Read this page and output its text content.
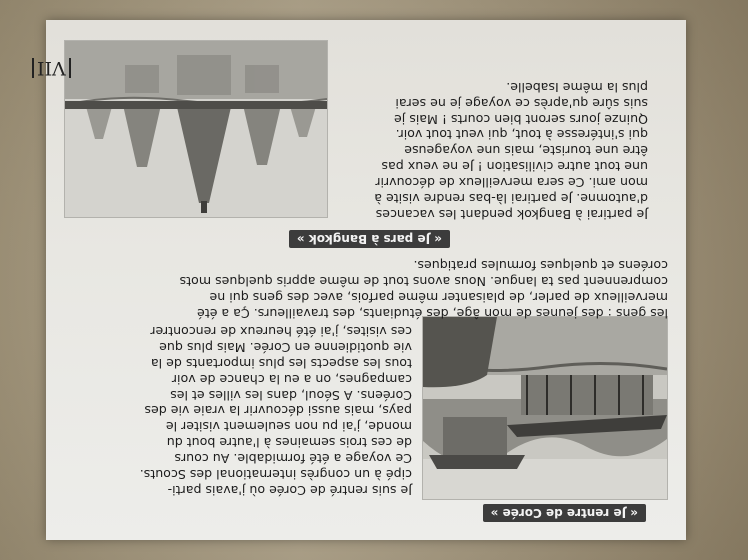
« Je rentre de Corée »
Je suis rentré de Corée où j'avais parti-
cipé à un congrès international des Scouts.
Ce voyage a été formidable. Au cours
de ces trois semaines à l'autre bout du
monde, j'ai pu non seulement visiter le
pays, mais aussi découvrir la vraie vie des
Coréens. A Séoul, dans les villes et les
campagnes, on a eu la chance de voir
tous les aspects les plus importants de la
vie quotidienne en Corée. Mais plus que
ces visites, j'ai été heureux de rencontrer
les gens : des jeunes de mon âge, des étudiants, des travailleurs. Ça a été
merveilleux de parler, de plaisanter même parfois, avec des gens qui ne
comprennent pas ta langue. Nous avons tout de même appris quelques mots
coréens et quelques formules pratiques.
« Je pars à Bangkok »
Je partirai à Bangkok pendant les vacances
d'automne. Je partirai là-bas rendre visite à
mon ami. Ce sera merveilleux de découvrir
une tout autre civilisation ! Je ne veux pas
être une touriste, mais une voyageuse
qui s'intéresse à tout, qui veut tout voir.
Quinze jours seront bien courts ! Mais je
suis sûre qu'après ce voyage je ne serai
plus la même Isabelle.
VII
